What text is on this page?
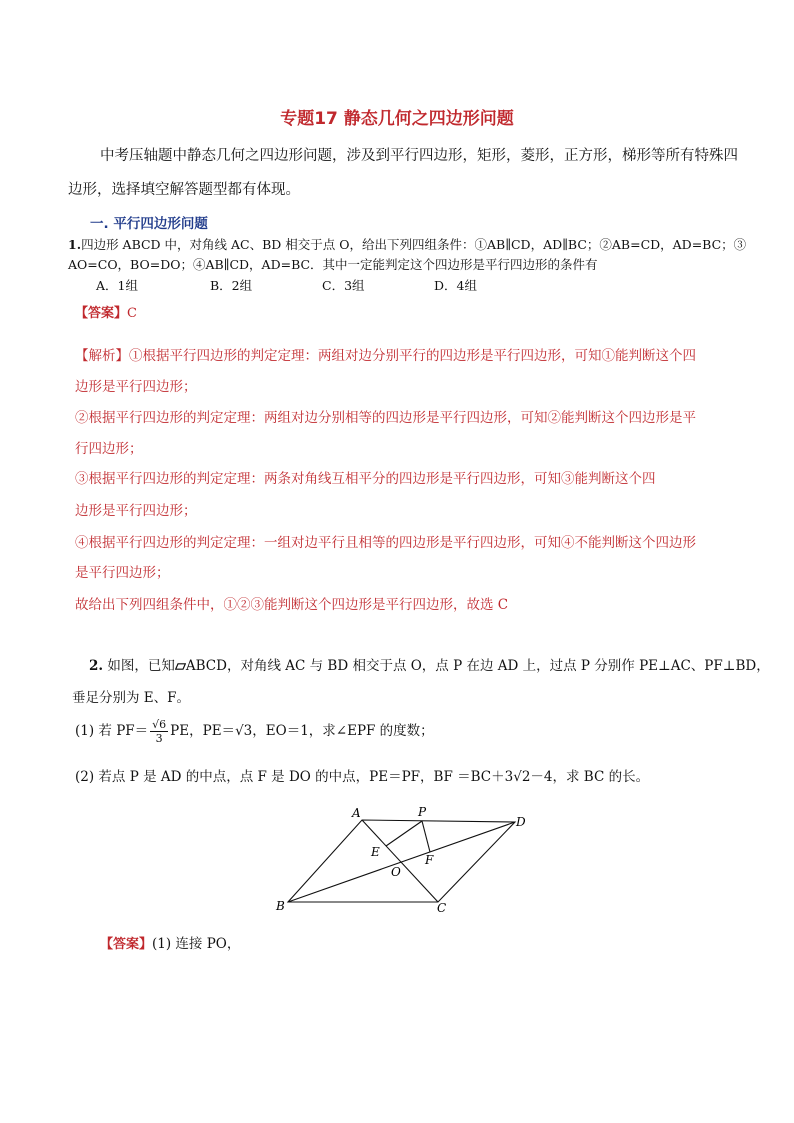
专题17 静态几何之四边形问题
中考压轴题中静态几何之四边形问题，涉及到平行四边形，矩形，菱形，正方形，梯形等所有特殊四
边形，选择填空解答题型都有体现。
一. 平行四边形问题
1.四边形 ABCD 中，对角线 AC、BD 相交于点 O，给出下列四组条件：①AB∥CD，AD∥BC；②AB=CD，AD=BC；③
AO=CO，BO=DO；④AB∥CD，AD=BC．其中一定能判定这个四边形是平行四边形的条件有
A．1组	B．2组	C．3组	D．4组
【答案】C
【解析】①根据平行四边形的判定定理：两组对边分别平行的四边形是平行四边形，可知①能判断这个四
边形是平行四边形；
②根据平行四边形的判定定理：两组对边分别相等的四边形是平行四边形，可知②能判断这个四边形是平
行四边形；
③根据平行四边形的判定定理：两条对角线互相平分的四边形是平行四边形，可知③能判断这个四
边形是平行四边形；
④根据平行四边形的判定定理：一组对边平行且相等的四边形是平行四边形，可知④不能判断这个四边形
是平行四边形；
故给出下列四组条件中，①②③能判断这个四边形是平行四边形，故选 C
2. 如图，已知 ABCD，对角线 AC 与 BD 相交于点 O，点 P 在边 AD 上，过点 P 分别作 PE⊥AC、PF⊥BD，
垂足分别为 E、F。
(1) 若 $PF= \frac{√6}{3}$ PE，PE＝√3，EO＝1，求∠EPF 的度数；
(2) 若点 P 是 AD 的中点，点 F 是 DO 的中点，PE＝PF，BF ＝BC＋3√2－4，求 BC 的长。
A	P
D
E
F
O
B	C
【答案】(1) 连接 PO，
